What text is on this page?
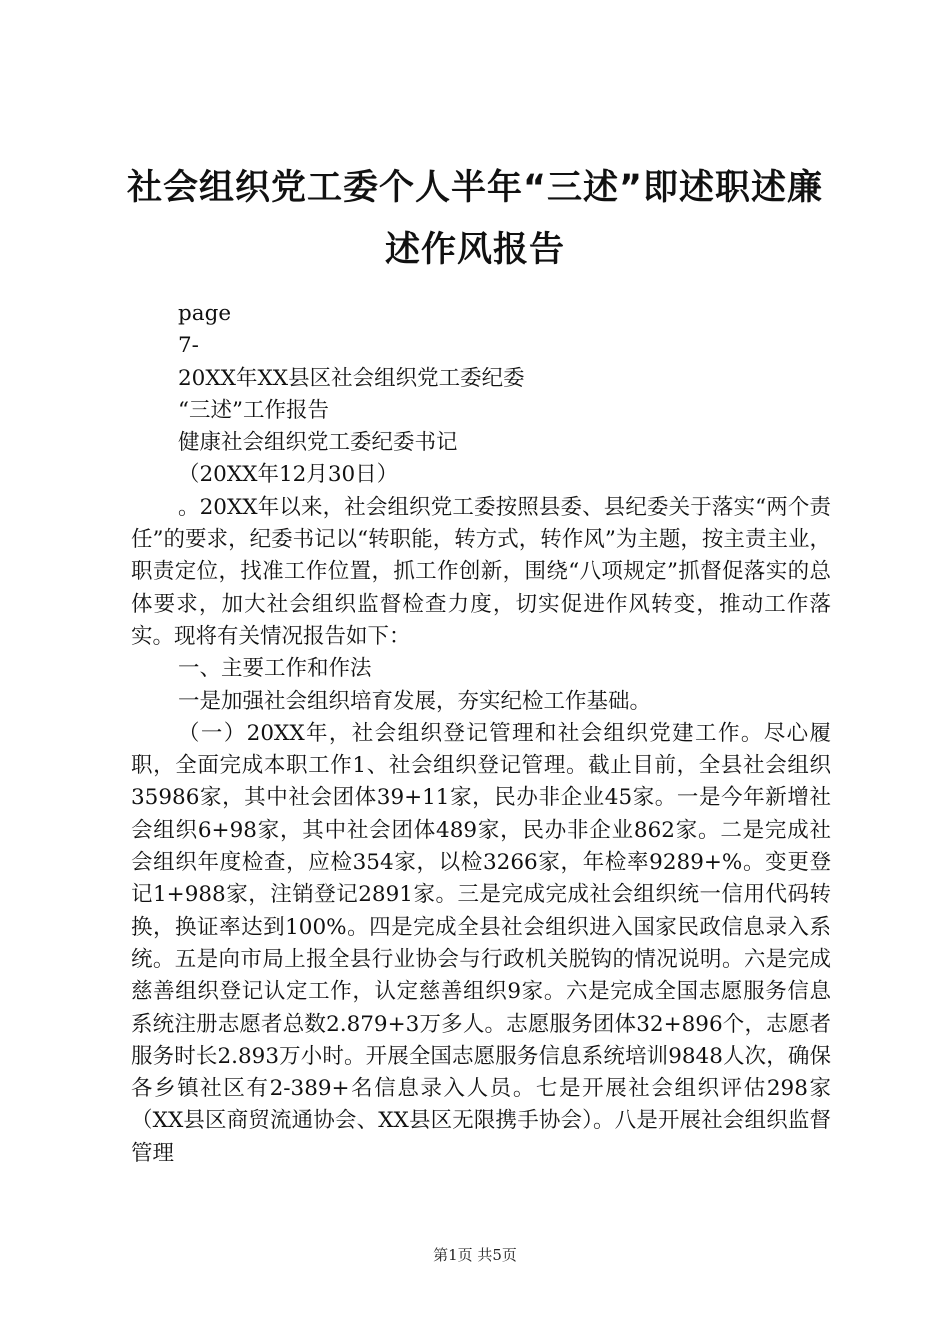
社会组织党工委个人半年“三述”即述职述廉
述作风报告

page

7-

20XX年XX县区社会组织党工委纪委

“三述”工作报告

健康社会组织党工委纪委书记

（20XX年12月30日）

。20XX年以来，社会组织党工委按照县委、县纪委关于落实“两个责任”的要求，纪委书记以“转职能，转方式，转作风”为主题，按主责主业，职责定位，找准工作位置，抓工作创新，围绕“八项规定”抓督促落实的总体要求，加大社会组织监督检查力度，切实促进作风转变，推动工作落实。现将有关情况报告如下：

一、主要工作和作法

一是加强社会组织培育发展，夯实纪检工作基础。

（一）20XX年，社会组织登记管理和社会组织党建工作。尽心履职，全面完成本职工作1、社会组织登记管理。截止目前，全县社会组织35986家，其中社会团体39+11家，民办非企业45家。一是今年新增社会组织6+98家，其中社会团体489家，民办非企业862家。二是完成社会组织年度检查，应检354家，以检3266家，年检率9289+%。变更登记1+988家，注销登记2891家。三是完成完成社会组织统一信用代码转换，换证率达到100%。四是完成全县社会组织进入国家民政信息录入系统。五是向市局上报全县行业协会与行政机关脱钩的情况说明。六是完成慈善组织登记认定工作，认定慈善组织9家。六是完成全国志愿服务信息系统注册志愿者总数2.879+3万多人。志愿服务团体32+896个，志愿者服务时长2.893万小时。开展全国志愿服务信息系统培训9848人次，确保各乡镇社区有2-389+名信息录入人员。七是开展社会组织评估298家（XX县区商贸流通协会、XX县区无限携手协会）。八是开展社会组织监督管理

第1页 共5页
